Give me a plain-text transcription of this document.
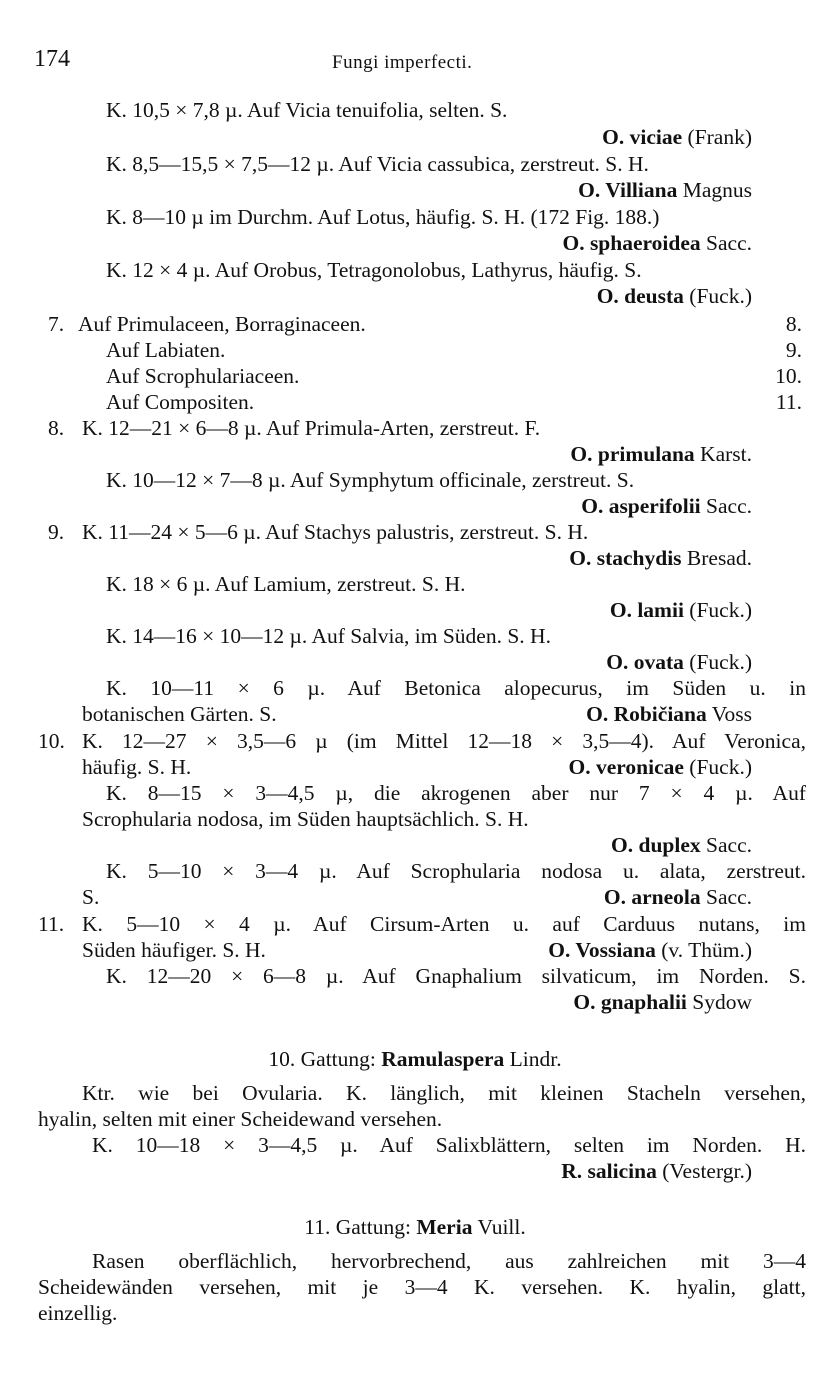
174	Fungi imperfecti.
K. 10,5 × 7,8 µ. Auf Vicia tenuifolia, selten. S.
O. viciae (Frank)
K. 8,5—15,5 × 7,5—12 µ. Auf Vicia cassubica, zerstreut. S. H.
O. Villiana Magnus
K. 8—10 µ im Durchm. Auf Lotus, häufig. S. H. (172 Fig. 188.)
O. sphaeroidea Sacc.
K. 12 × 4 µ. Auf Orobus, Tetragonolobus, Lathyrus, häufig. S.
O. deusta (Fuck.)
7. Auf Primulaceen, Borraginaceen.	8.
Auf Labiaten.	9.
Auf Scrophulariaceen.	10.
Auf Compositen.	11.
8. K. 12—21 × 6—8 µ. Auf Primula-Arten, zerstreut. F.
O. primulana Karst.
K. 10—12 × 7—8 µ. Auf Symphytum officinale, zerstreut. S.
O. asperifolii Sacc.
9. K. 11—24 × 5—6 µ. Auf Stachys palustris, zerstreut. S. H.
O. stachydis Bresad.
K. 18 × 6 µ. Auf Lamium, zerstreut. S. H.
O. lamii (Fuck.)
K. 14—16 × 10—12 µ. Auf Salvia, im Süden. S. H.
O. ovata (Fuck.)
K. 10—11 × 6 µ. Auf Betonica alopecurus, im Süden u. in
botanischen Gärten. S.	O. Robičiana Voss
10. K. 12—27 × 3,5—6 µ (im Mittel 12—18 × 3,5—4). Auf Veronica,
häufig. S. H.	O. veronicae (Fuck.)
K. 8—15 × 3—4,5 µ, die akrogenen aber nur 7 × 4 µ. Auf
Scrophularia nodosa, im Süden hauptsächlich. S. H.
O. duplex Sacc.
K. 5—10 × 3—4 µ. Auf Scrophularia nodosa u. alata, zerstreut.
S.	O. arneola Sacc.
11. K. 5—10 × 4 µ. Auf Cirsum-Arten u. auf Carduus nutans, im
Süden häufiger. S. H.	O. Vossiana (v. Thüm.)
K. 12—20 × 6—8 µ. Auf Gnaphalium silvaticum, im Norden. S.
O. gnaphalii Sydow
10. Gattung: Ramulaspera Lindr.
Ktr. wie bei Ovularia. K. länglich, mit kleinen Stacheln versehen,
hyalin, selten mit einer Scheidewand versehen.
K. 10—18 × 3—4,5 µ. Auf Salixblättern, selten im Norden. H.
R. salicina (Vestergr.)
11. Gattung: Meria Vuill.
Rasen oberflächlich, hervorbrechend, aus zahlreichen mit 3—4
Scheidewänden versehen, mit je 3—4 K. versehen. K. hyalin, glatt,
einzellig.
